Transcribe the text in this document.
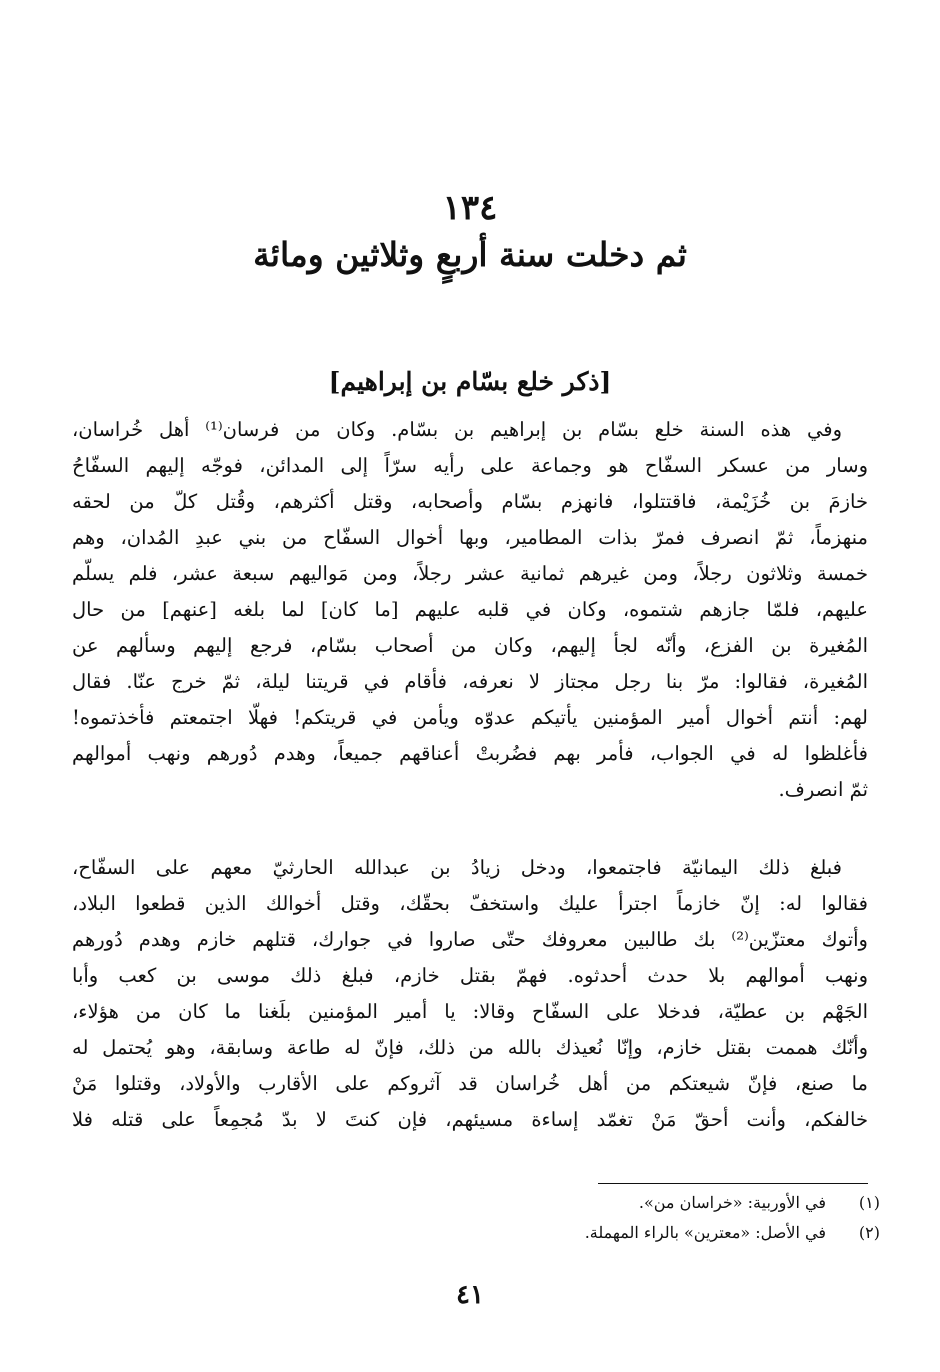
١٣٤
ثم دخلت سنة أربعٍ وثلاثين ومائة
[ذكر خلع بسّام بن إبراهيم]
وفي هذه السنة خلع بسّام بن إبراهيم بن بسّام. وكان من فرسان⁽¹⁾ أهل خُراسان،
وسار من عسكر السفّاح هو وجماعة على رأيه سرّاً إلى المدائن، فوجّه إليهم السفّاحُ
خازمَ بن خُزَيْمة، فاقتتلوا، فانهزم بسّام وأصحابه، وقتل أكثرهم، وقُتل كلّ من لحقه
منهزماً، ثمّ انصرف فمرّ بذات المطامير، وبها أخوال السفّاح من بني عبدِ المُدان، وهم
خمسة وثلاثون رجلاً، ومن غيرهم ثمانية عشر رجلاً، ومن مَواليهم سبعة عشر، فلم يسلّم
عليهم، فلمّا جازهم شتموه، وكان في قلبه عليهم [ما كان] لما بلغه [عنهم] من حال
المُغيرة بن الفزع، وأنّه لجأ إليهم، وكان من أصحاب بسّام، فرجع إليهم وسألهم عن
المُغيرة، فقالوا: مرّ بنا رجل مجتاز لا نعرفه، فأقام في قريتنا ليلة، ثمّ خرج عنّا. فقال
لهم: أنتم أخوال أمير المؤمنين يأتيكم عدوّه ويأمن في قريتكم! فهلّا اجتمعتم فأخذتموه!
فأغلظوا له في الجواب، فأمر بهم فضُربتْ أعناقهم جميعاً، وهدم دُورهم ونهب أموالهم
ثمّ انصرف.
فبلغ ذلك اليمانيّة فاجتمعوا، ودخل زيادُ بن عبدالله الحارثيّ معهم على السفّاح،
فقالوا له: إنّ خازماً اجترأ عليك واستخفّ بحقّك، وقتل أخوالك الذين قطعوا البلاد،
وأتوك معتزّين⁽²⁾ بك طالبين معروفك حتّى صاروا في جوارك، قتلهم خازم وهدم دُورهم
ونهب أموالهم بلا حدث أحدثوه. فهمّ بقتل خازم، فبلغ ذلك موسى بن كعب وأبا
الجَهْم بن عطيّة، فدخلا على السفّاح وقالا: يا أمير المؤمنين بلَغنا ما كان من هؤلاء،
وأنّك هممت بقتل خازم، وإنّا نُعيذك بالله من ذلك، فإنّ له طاعة وسابقة، وهو يُحتمل له
ما صنع، فإنّ شيعتكم من أهل خُراسان قد آثروكم على الأقارب والأولاد، وقتلوا مَنْ
خالفكم، وأنت أحقّ مَنْ تغمّد إساءة مسيئهم، فإن كنتَ لا بدّ مُجمِعاً على قتله فلا
(١)
في الأوربية: «خراسان من».
(٢)
في الأصل: «معترين» بالراء المهملة.
٤١
